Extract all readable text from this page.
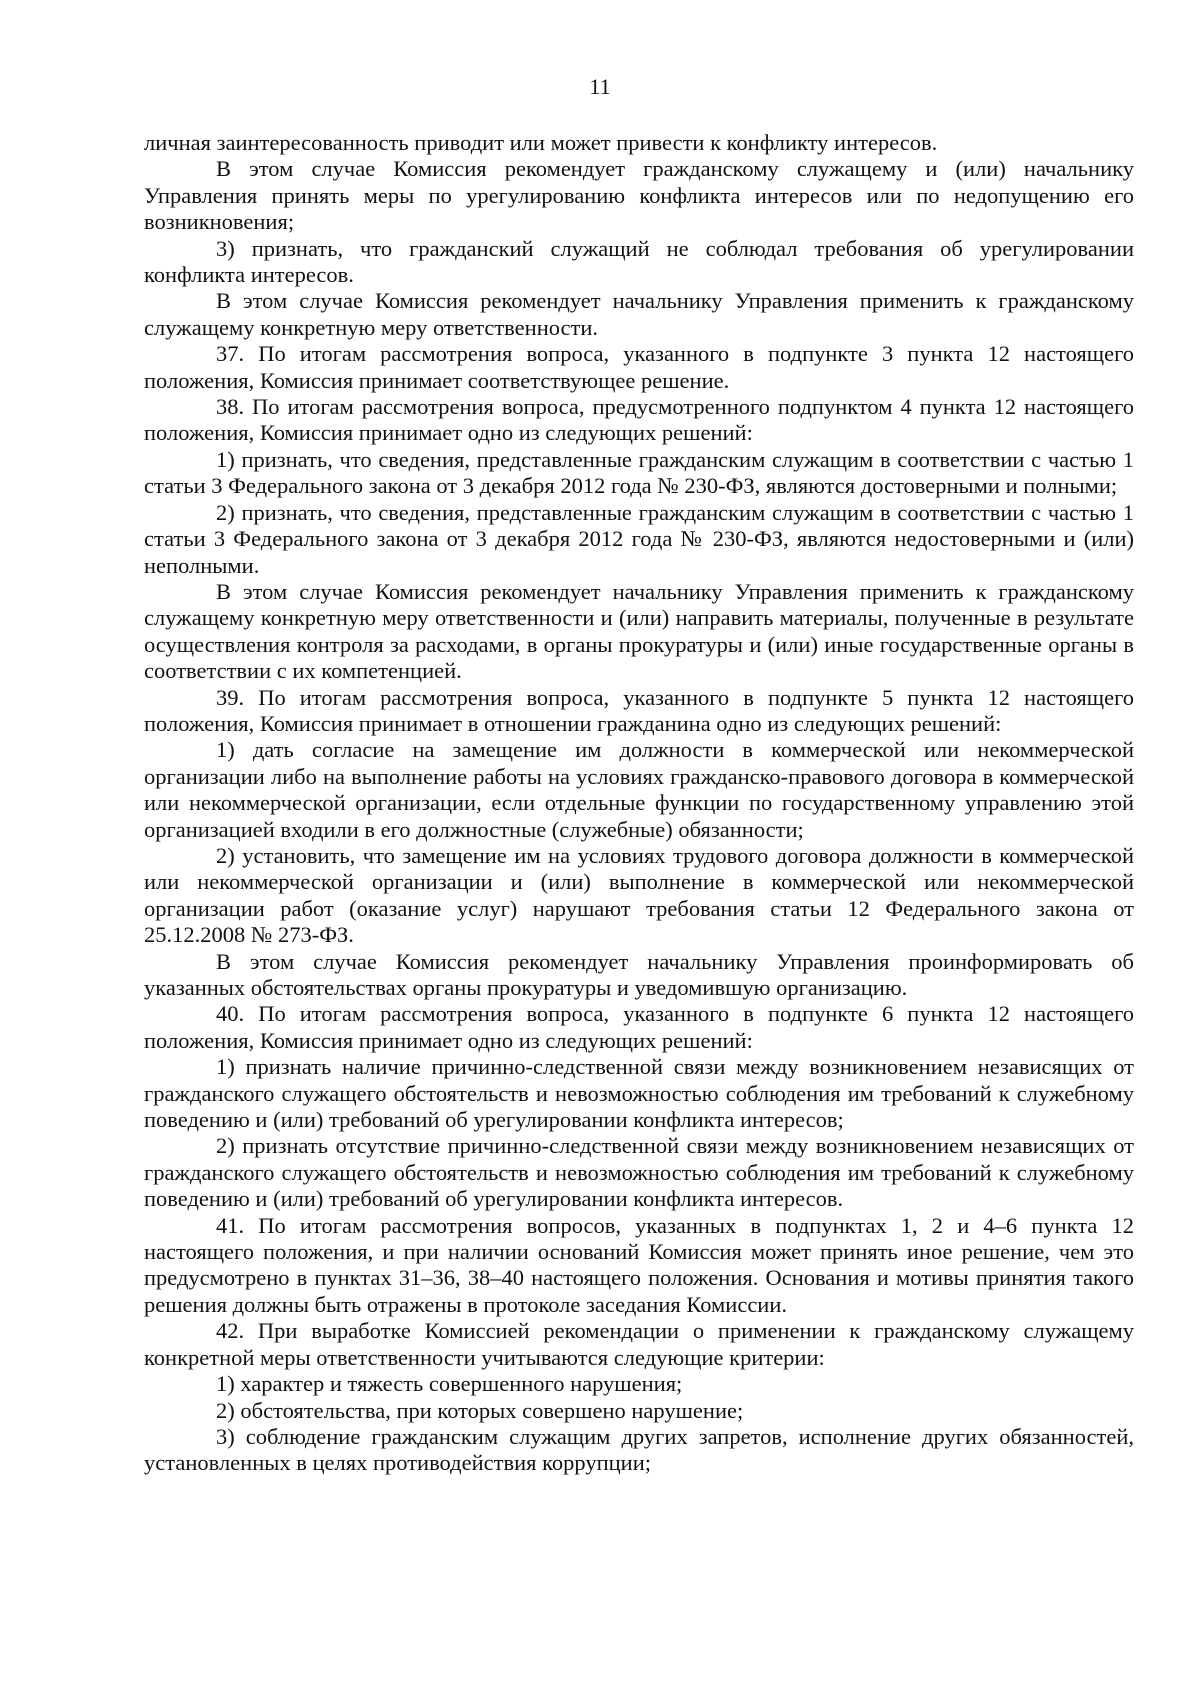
11

личная заинтересованность приводит или может привести к конфликту интересов.

В этом случае Комиссия рекомендует гражданскому служащему и (или) начальнику Управления принять меры по урегулированию конфликта интересов или по недопущению его возникновения;

3) признать, что гражданский служащий не соблюдал требования об урегулировании конфликта интересов.

В этом случае Комиссия рекомендует начальнику Управления применить к гражданскому служащему конкретную меру ответственности.

37. По итогам рассмотрения вопроса, указанного в подпункте 3 пункта 12 настоящего положения, Комиссия принимает соответствующее решение.

38. По итогам рассмотрения вопроса, предусмотренного подпунктом 4 пункта 12 настоящего положения, Комиссия принимает одно из следующих решений:

1) признать, что сведения, представленные гражданским служащим в соответствии с частью 1 статьи 3 Федерального закона от 3 декабря 2012 года № 230-ФЗ, являются достоверными и полными;

2) признать, что сведения, представленные гражданским служащим в соответствии с частью 1 статьи 3 Федерального закона от 3 декабря 2012 года № 230-ФЗ, являются недостоверными и (или) неполными.

В этом случае Комиссия рекомендует начальнику Управления применить к гражданскому служащему конкретную меру ответственности и (или) направить материалы, полученные в результате осуществления контроля за расходами, в органы прокуратуры и (или) иные государственные органы в соответствии с их компетенцией.

39. По итогам рассмотрения вопроса, указанного в подпункте 5 пункта 12 настоящего положения, Комиссия принимает в отношении гражданина одно из следующих решений:

1) дать согласие на замещение им должности в коммерческой или некоммерческой организации либо на выполнение работы на условиях гражданско-правового договора в коммерческой или некоммерческой организации, если отдельные функции по государственному управлению этой организацией входили в его должностные (служебные) обязанности;

2) установить, что замещение им на условиях трудового договора должности в коммерческой или некоммерческой организации и (или) выполнение в коммерческой или некоммерческой организации работ (оказание услуг) нарушают требования статьи 12 Федерального закона от 25.12.2008 № 273-ФЗ.

В этом случае Комиссия рекомендует начальнику Управления проинформировать об указанных обстоятельствах органы прокуратуры и уведомившую организацию.

40. По итогам рассмотрения вопроса, указанного в подпункте 6 пункта 12 настоящего положения, Комиссия принимает одно из следующих решений:

1) признать наличие причинно-следственной связи между возникновением независящих от гражданского служащего обстоятельств и невозможностью соблюдения им требований к служебному поведению и (или) требований об урегулировании конфликта интересов;

2) признать отсутствие причинно-следственной связи между возникновением независящих от гражданского служащего обстоятельств и невозможностью соблюдения им требований к служебному поведению и (или) требований об урегулировании конфликта интересов.

41. По итогам рассмотрения вопросов, указанных в подпунктах 1, 2 и 4–6 пункта 12 настоящего положения, и при наличии оснований Комиссия может принять иное решение, чем это предусмотрено в пунктах 31–36, 38–40 настоящего положения. Основания и мотивы принятия такого решения должны быть отражены в протоколе заседания Комиссии.

42. При выработке Комиссией рекомендации о применении к гражданскому служащему конкретной меры ответственности учитываются следующие критерии:

1) характер и тяжесть совершенного нарушения;

2) обстоятельства, при которых совершено нарушение;

3) соблюдение гражданским служащим других запретов, исполнение других обязанностей, установленных в целях противодействия коррупции;
